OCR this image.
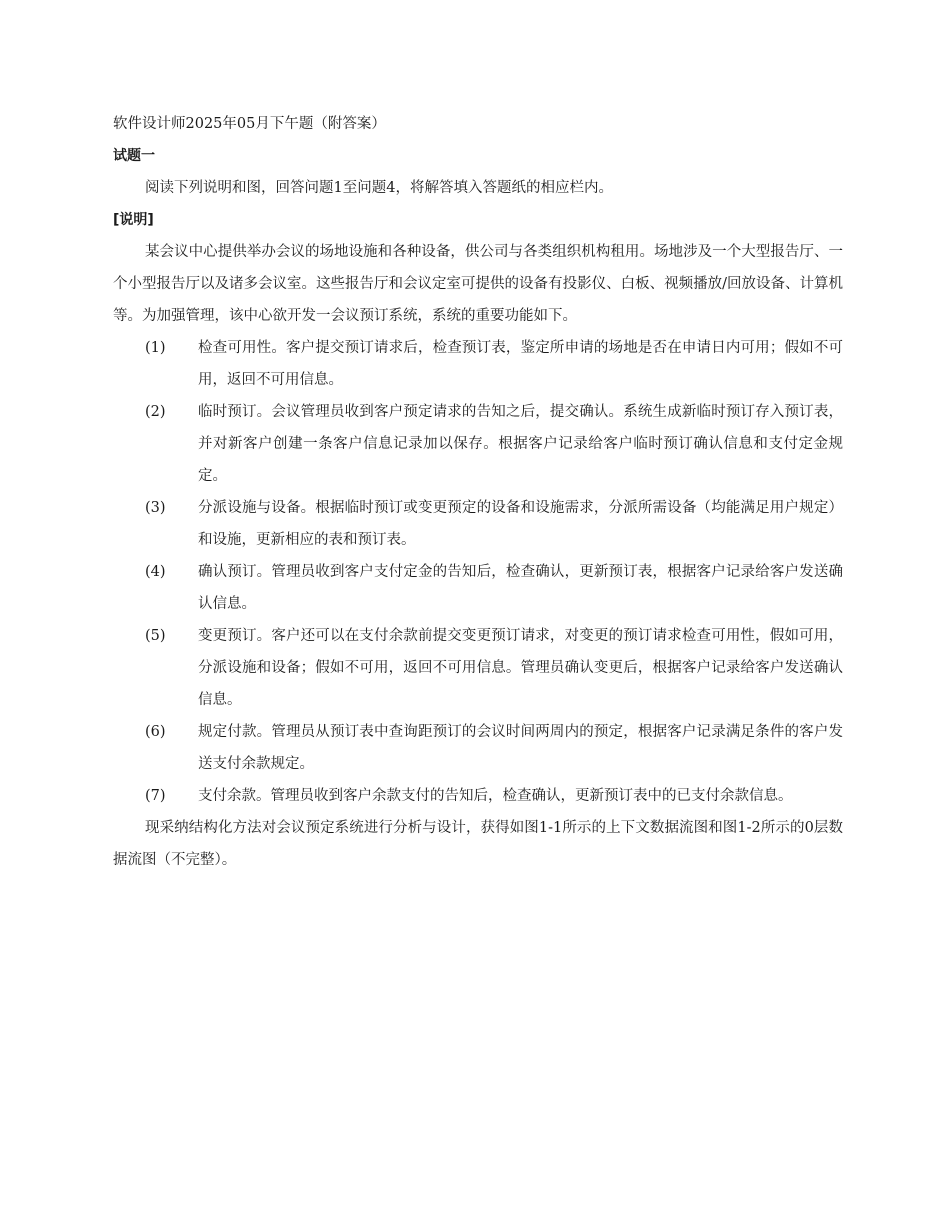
软件设计师2025年05月下午题（附答案）

试题一

阅读下列说明和图，回答问题1至问题4，将解答填入答题纸的相应栏内。

[说明]

某会议中心提供举办会议的场地设施和各种设备，供公司与各类组织机构租用。场地涉及一个大型报告厅、一个小型报告厅以及诸多会议室。这些报告厅和会议定室可提供的设备有投影仪、白板、视频播放/回放设备、计算机等。为加强管理，该中心欲开发一会议预订系统，系统的重要功能如下。

(1)	检查可用性。客户提交预订请求后，检查预订表，鉴定所申请的场地是否在申请日内可用；假如不可用，返回不可用信息。
(2)	临时预订。会议管理员收到客户预定请求的告知之后，提交确认。系统生成新临时预订存入预订表，并对新客户创建一条客户信息记录加以保存。根据客户记录给客户临时预订确认信息和支付定金规定。
(3)	分派设施与设备。根据临时预订或变更预定的设备和设施需求，分派所需设备（均能满足用户规定）和设施，更新相应的表和预订表。
(4)	确认预订。管理员收到客户支付定金的告知后，检查确认，更新预订表，根据客户记录给客户发送确认信息。
(5)	变更预订。客户还可以在支付余款前提交变更预订请求，对变更的预订请求检查可用性，假如可用，分派设施和设备；假如不可用，返回不可用信息。管理员确认变更后，根据客户记录给客户发送确认信息。
(6)	规定付款。管理员从预订表中查询距预订的会议时间两周内的预定，根据客户记录满足条件的客户发送支付余款规定。
(7)	支付余款。管理员收到客户余款支付的告知后，检查确认，更新预订表中的已支付余款信息。

现采纳结构化方法对会议预定系统进行分析与设计，获得如图1-1所示的上下文数据流图和图1-2所示的0层数据流图（不完整）。
